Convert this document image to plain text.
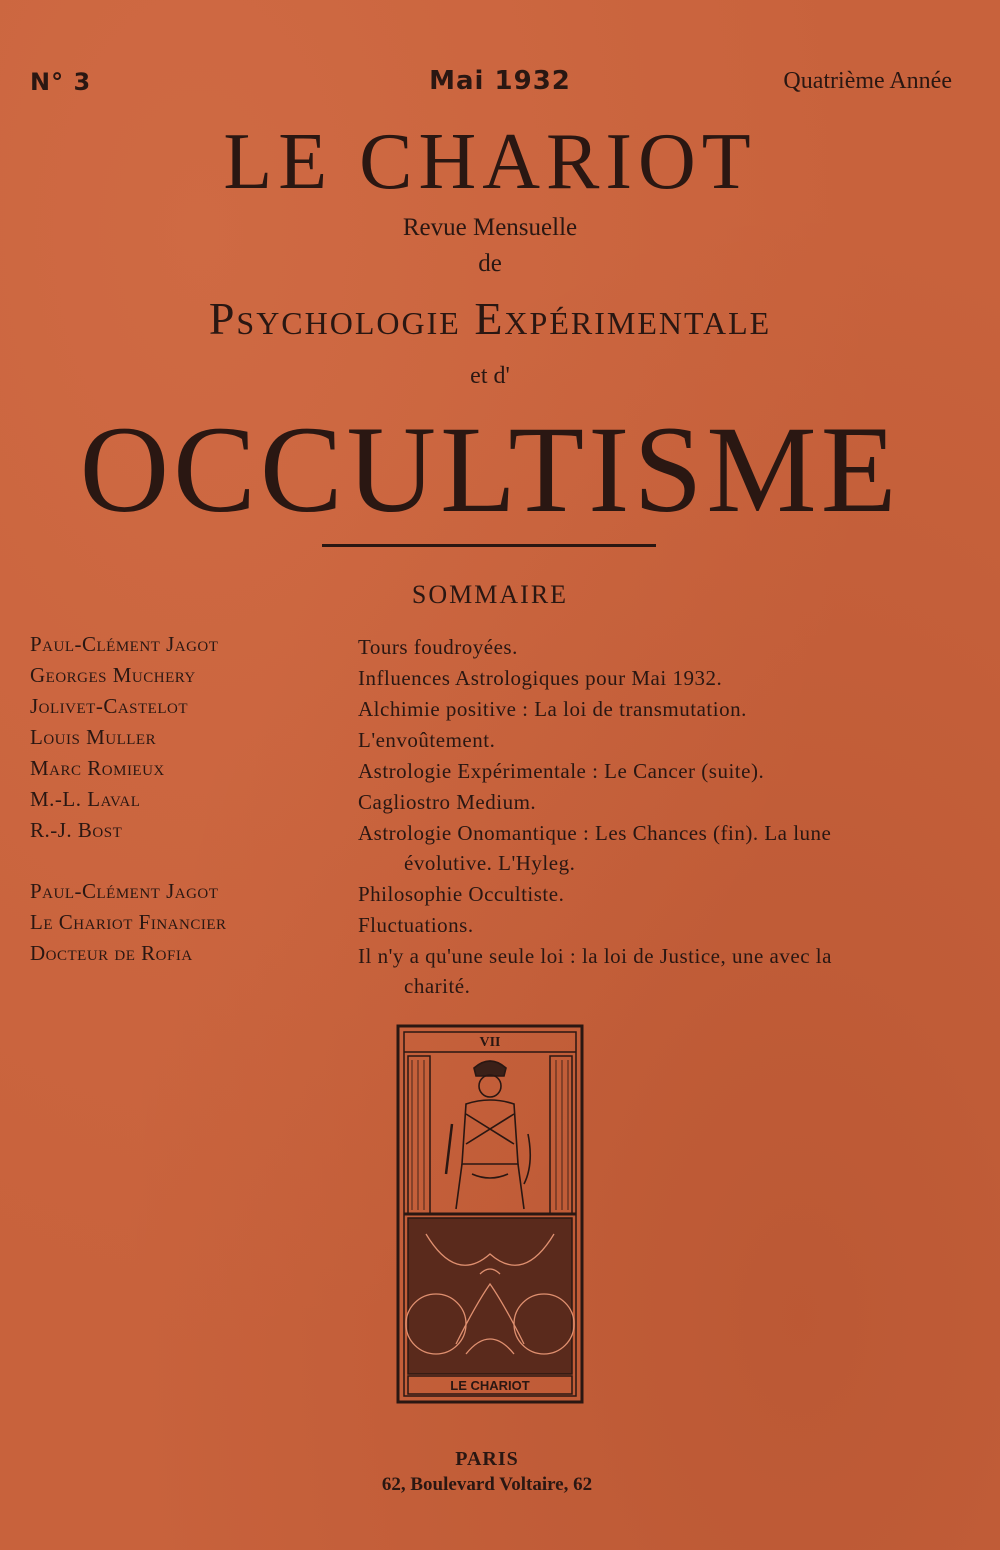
N° 3	Mai 1932	Quatrième Année
LE CHARIOT
Revue Mensuelle
de
Psychologie Expérimentale
et d'
OCCULTISME
SOMMAIRE
Paul-Clément Jagot	Tours foudroyées.
Georges Muchery	Influences Astrologiques pour Mai 1932.
Jolivet-Castelot	Alchimie positive : La loi de transmutation.
Louis Muller	L'envoûtement.
Marc Romieux	Astrologie Expérimentale : Le Cancer (suite).
M.-L. Laval	Cagliostro Medium.
R.-J. Bost	Astrologie Onomantique : Les Chances (fin). La lune
évolutive. L'Hyleg.
Paul-Clément Jagot	Philosophie Occultiste.
Le Chariot Financier	Fluctuations.
Docteur de Rofia	Il n'y a qu'une seule loi : la loi de Justice, une avec la
charité.
VII
LE CHARIOT
PARIS
62, Boulevard Voltaire, 62
